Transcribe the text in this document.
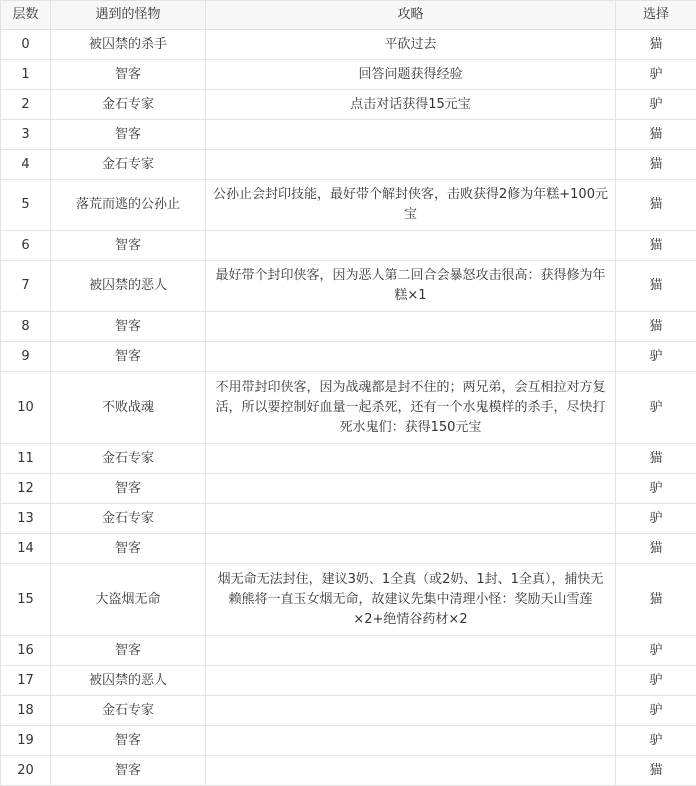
层数	遇到的怪物	攻略	选择
0	被囚禁的杀手	平砍过去	猫
1	智客	回答问题获得经验	驴
2	金石专家	点击对话获得15元宝	驴
3	智客		猫
4	金石专家		猫
5	落荒而逃的公孙止	公孙止会封印技能，最好带个解封侠客，击败获得2修为年糕+100元宝	猫
6	智客		猫
7	被囚禁的恶人	最好带个封印侠客，因为恶人第二回合会暴怒攻击很高：获得修为年糕×1	猫
8	智客		猫
9	智客		驴
10	不败战魂	不用带封印侠客，因为战魂都是封不住的；两兄弟，会互相拉对方复活，所以要控制好血量一起杀死，还有一个水鬼模样的杀手，尽快打死水鬼们：获得150元宝	驴
11	金石专家		猫
12	智客		驴
13	金石专家		驴
14	智客		猫
15	大盗烟无命	烟无命无法封住，建议3奶、1全真（或2奶、1封、1全真），捕快无赖熊将一直玉女烟无命，故建议先集中清理小怪：奖励天山雪莲×2+绝情谷药材×2	猫
16	智客		驴
17	被囚禁的恶人		驴
18	金石专家		驴
19	智客		驴
20	智客		猫
